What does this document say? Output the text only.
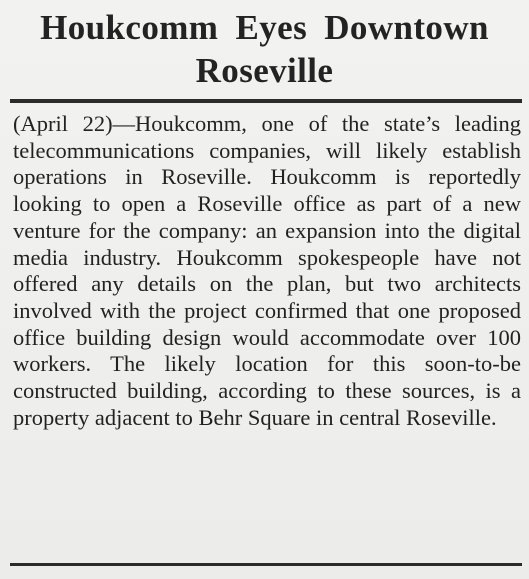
Houkcomm Eyes Downtown Roseville

(April 22)—Houkcomm, one of the state’s leading telecommunications companies, will likely establish operations in Roseville. Houkcomm is reportedly looking to open a Roseville office as part of a new venture for the company: an expansion into the digital media industry. Houkcomm spokespeople have not offered any details on the plan, but two architects involved with the project confirmed that one proposed office building design would accommodate over 100 workers. The likely location for this soon-to-be constructed building, according to these sources, is a property adjacent to Behr Square in central Roseville.
